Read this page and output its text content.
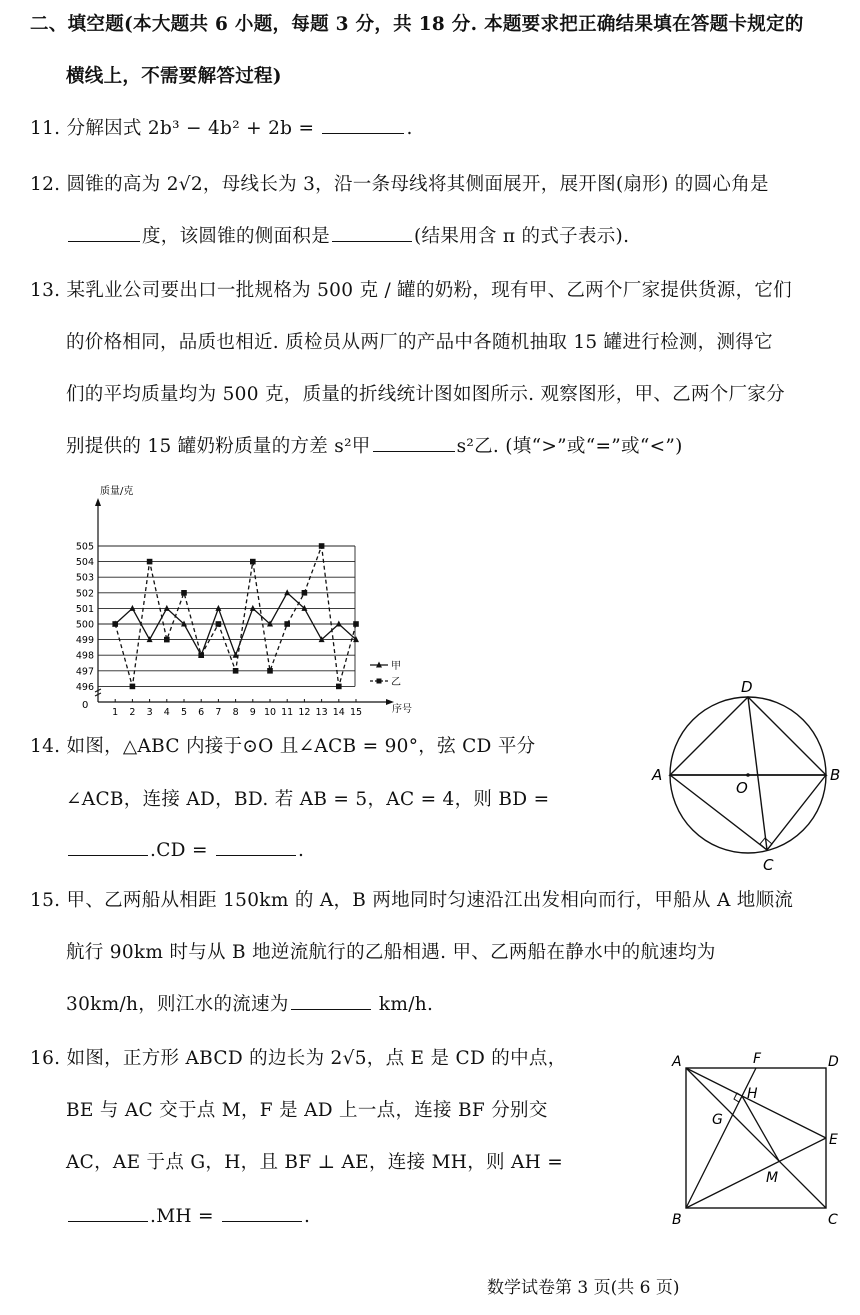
二、填空题(本大题共 6 小题，每题 3 分，共 18 分. 本题要求把正确结果填在答题卡规定的
横线上，不需要解答过程)
11. 分解因式 2b³ − 4b² + 2b =	.
12. 圆锥的高为 2√2，母线长为 3，沿一条母线将其侧面展开，展开图(扇形) 的圆心角是
度，该圆锥的侧面积是	(结果用含 π 的式子表示).
13. 某乳业公司要出口一批规格为 500 克 / 罐的奶粉，现有甲、乙两个厂家提供货源，它们
的价格相同，品质也相近. 质检员从两厂的产品中各随机抽取 15 罐进行检测，测得它
们的平均质量均为 500 克，质量的折线统计图如图所示. 观察图形，甲、乙两个厂家分
别提供的 15 罐奶粉质量的方差 s²甲	s²乙. (填“>”或“=”或“<”)
496
497
498
499
500
501
502
503
504
505
1 2 3 4 5 6 7 8 9 10 11 12 13 14 15
甲
乙
质量/克
序号
0
14. 如图，△ABC 内接于⊙O 且∠ACB = 90°，弦 CD 平分
∠ACB，连接 AD，BD. 若 AB = 5，AC = 4，则 BD =
.CD =	.
A	B
C
D
O
15. 甲、乙两船从相距 150km 的 A，B 两地同时匀速沿江出发相向而行，甲船从 A 地顺流
航行 90km 时与从 B 地逆流航行的乙船相遇. 甲、乙两船在静水中的航速均为
30km/h，则江水的流速为	km/h.
16. 如图，正方形 ABCD 的边长为 2√5，点 E 是 CD 的中点，
BE 与 AC 交于点 M，F 是 AD 上一点，连接 BF 分别交
AC，AE 于点 G，H，且 BF ⊥ AE，连接 MH，则 AH =
.MH =	.
A
B	C
D
E
F
G
H
M
数学试卷第 3 页(共 6 页)
